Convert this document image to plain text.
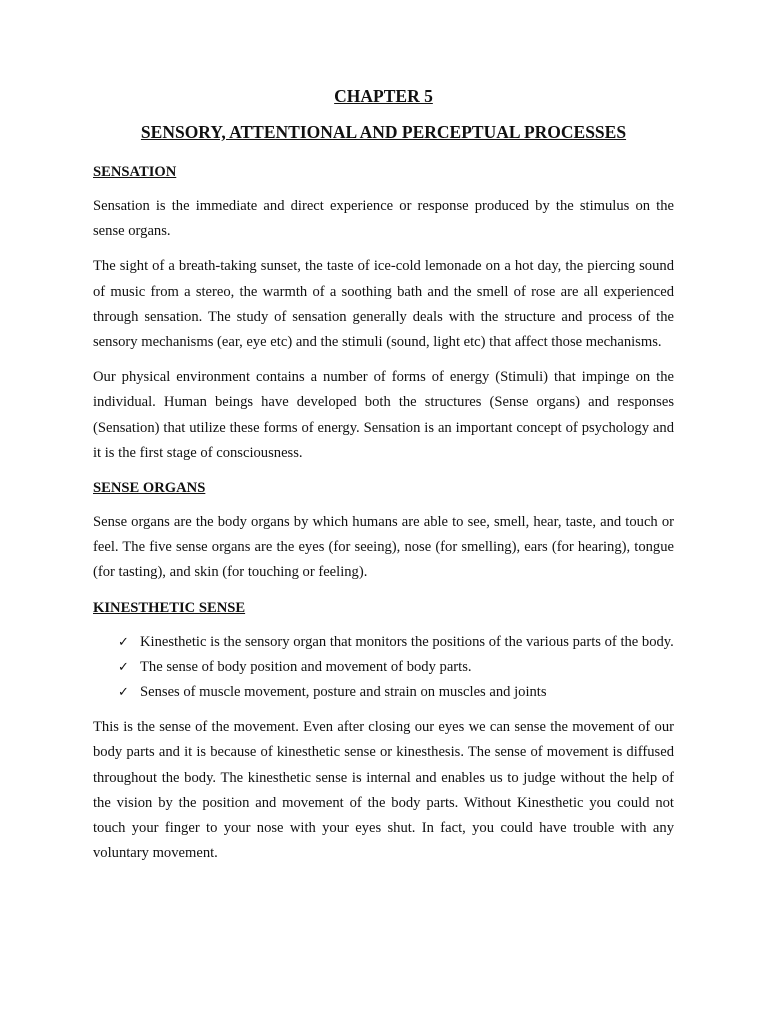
CHAPTER 5
SENSORY, ATTENTIONAL AND PERCEPTUAL PROCESSES
SENSATION

Sensation is the immediate and direct experience or response produced by the stimulus on the sense organs.

The sight of a breath-taking sunset, the taste of ice-cold lemonade on a hot day, the piercing sound of music from a stereo, the warmth of a soothing bath and the smell of rose are all experienced through sensation. The study of sensation generally deals with the structure and process of the sensory mechanisms (ear, eye etc) and the stimuli (sound, light etc) that affect those mechanisms.

Our physical environment contains a number of forms of energy (Stimuli) that impinge on the individual. Human beings have developed both the structures (Sense organs) and responses (Sensation) that utilize these forms of energy. Sensation is an important concept of psychology and it is the first stage of consciousness.

SENSE ORGANS

Sense organs are the body organs by which humans are able to see, smell, hear, taste, and touch or feel. The five sense organs are the eyes (for seeing), nose (for smelling), ears (for hearing), tongue (for tasting), and skin (for touching or feeling).

KINESTHETIC SENSE
✓ Kinesthetic is the sensory organ that monitors the positions of the various parts of the body.
✓ The sense of body position and movement of body parts.
✓ Senses of muscle movement, posture and strain on muscles and joints

This is the sense of the movement. Even after closing our eyes we can sense the movement of our body parts and it is because of kinesthetic sense or kinesthesis. The sense of movement is diffused throughout the body. The kinesthetic sense is internal and enables us to judge without the help of the vision by the position and movement of the body parts. Without Kinesthetic you could not touch your finger to your nose with your eyes shut. In fact, you could have trouble with any voluntary movement.
